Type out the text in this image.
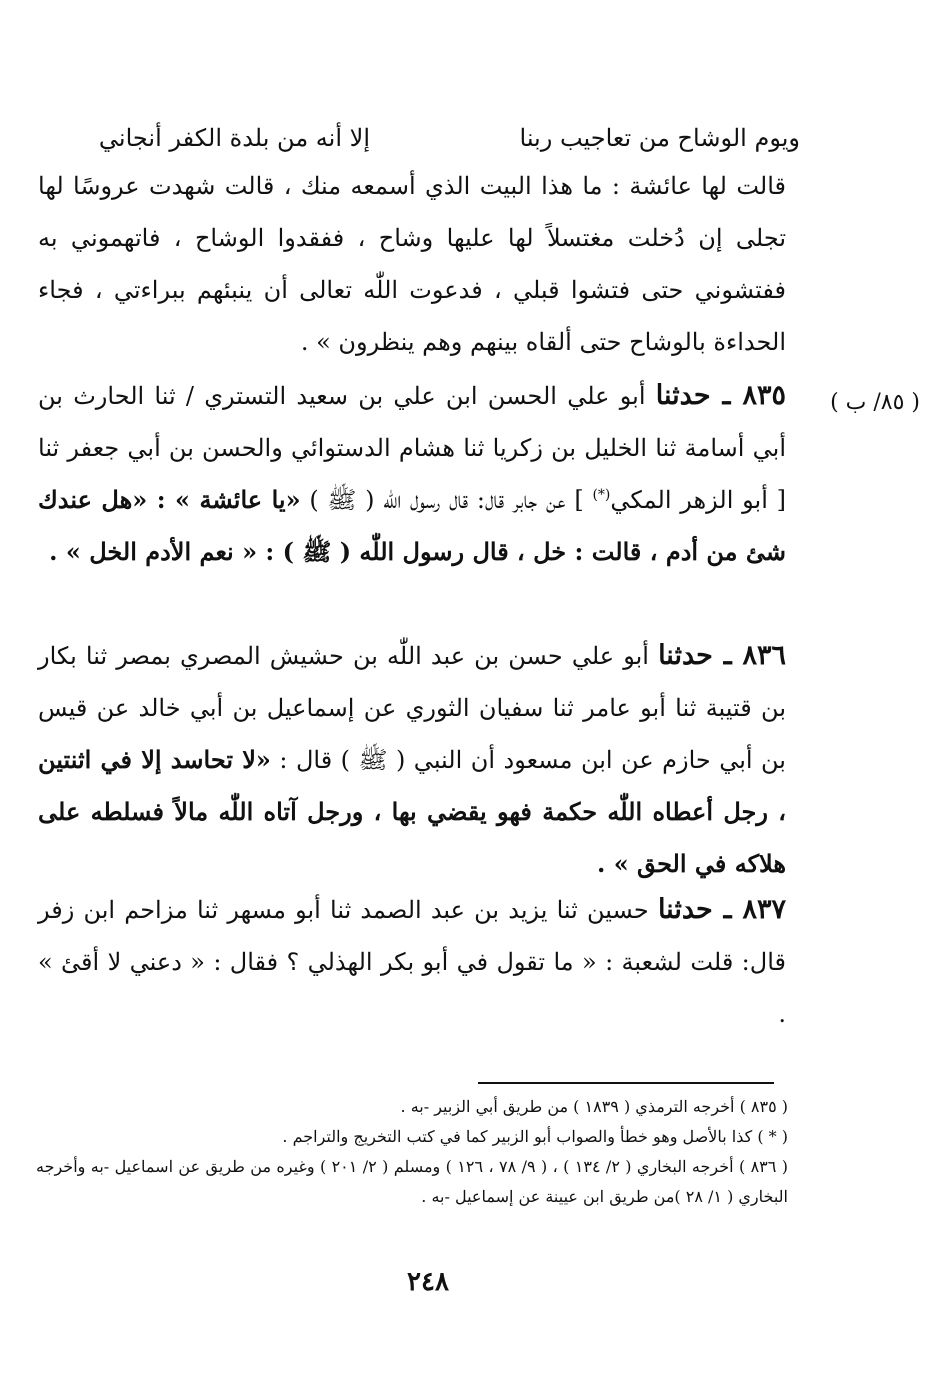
ويوم الوشاح من تعاجيب ربنا
إلا أنه من بلدة الكفر أنجاني
قالت لها عائشة : ما هذا البيت الذي أسمعه منك ، قالت شهدت عروسًا لها تجلى إن دُخلت مغتسلاً لها عليها وشاح ، ففقدوا الوشاح ، فاتهموني به ففتشوني حتى فتشوا قبلي ، فدعوت اللّٰه تعالى أن ينبئهم ببراءتي ، فجاء الحداءة بالوشاح حتى ألقاه بينهم وهم ينظرون » .
( ٨٥/ ب )
٨٣٥ ـ حدثنا أبو علي الحسن ابن علي بن سعيد التستري / ثنا الحارث بن أبي أسامة ثنا الخليل بن زكريا ثنا هشام الدستوائي والحسن بن أبي جعفر ثنا [ أبو الزهر المكي(*) ] عن جابر قال: قال رسول اللّٰه ( ﷺ ) «يا عائشة » : «هل عندك شئ من أدم ، قالت : خل ، قال رسول اللّٰه ( ﷺ ) : « نعم الأدم الخل » .
٨٣٦ ـ حدثنا أبو علي حسن بن عبد اللّٰه بن حشيش المصري بمصر ثنا بكار بن قتيبة ثنا أبو عامر ثنا سفيان الثوري عن إسماعيل بن أبي خالد عن قيس بن أبي حازم عن ابن مسعود أن النبي ( ﷺ ) قال : «لا تحاسد إلا في اثنتين ، رجل أعطاه اللّٰه حكمة فهو يقضي بها ، ورجل آتاه اللّٰه مالاً فسلطه على هلاكه في الحق » .
٨٣٧ ـ حدثنا حسين ثنا يزيد بن عبد الصمد ثنا أبو مسهر ثنا مزاحم ابن زفر قال: قلت لشعبة : « ما تقول في أبو بكر الهذلي ؟ فقال : « دعني لا أقئ » .
( ٨٣٥ ) أخرجه الترمذي ( ١٨٣٩ ) من طريق أبي الزبير -به .
( * ) كذا بالأصل وهو خطأ والصواب أبو الزبير كما في كتب التخريج والتراجم .
( ٨٣٦ ) أخرجه البخاري ( ٢/ ١٣٤ ) ، ( ٩/ ٧٨ ، ١٢٦ ) ومسلم ( ٢/ ٢٠١ ) وغيره من طريق عن اسماعيل -به وأخرجه البخاري ( ١/ ٢٨ )من طريق ابن عيينة عن إسماعيل -به .
٢٤٨
